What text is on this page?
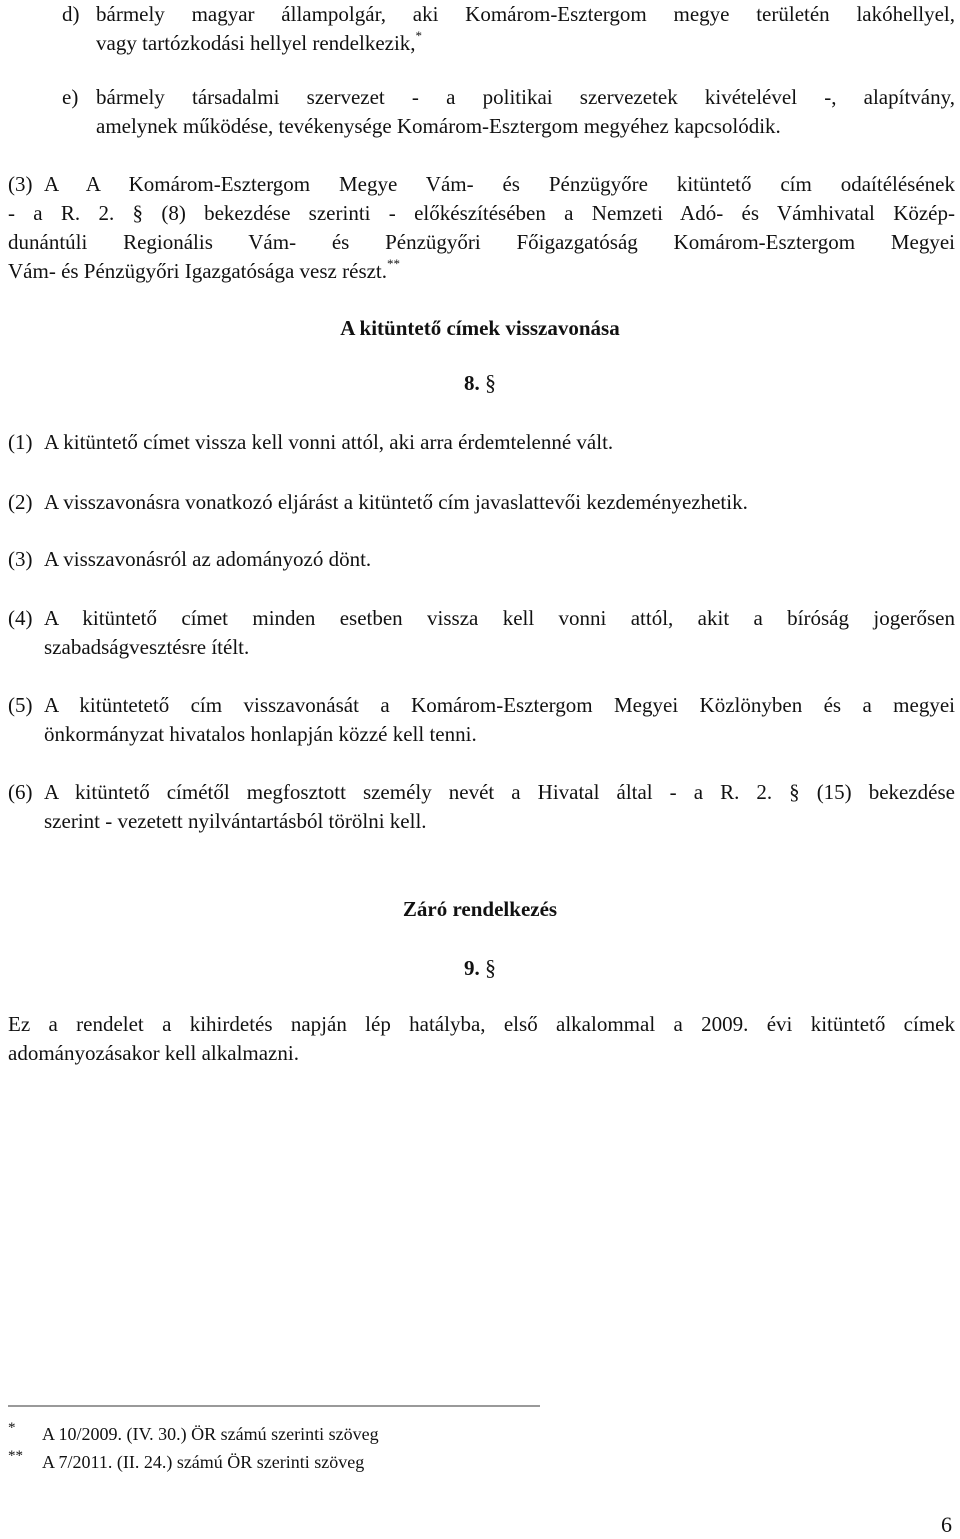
d) bármely magyar állampolgár, aki Komárom-Esztergom megye területén lakóhellyel,
vagy tartózkodási hellyel rendelkezik,*
e) bármely társadalmi szervezet - a politikai szervezetek kivételével -, alapítvány,
amelynek működése, tevékenysége Komárom-Esztergom megyéhez kapcsolódik.
(3) A A Komárom-Esztergom Megye Vám- és Pénzügyőre kitüntető cím odaítélésének
- a R. 2. § (8) bekezdése szerinti - előkészítésében a Nemzeti Adó- és Vámhivatal Közép-
dunántúli Regionális Vám- és Pénzügyőri Főigazgatóság Komárom-Esztergom Megyei
Vám- és Pénzügyőri Igazgatósága vesz részt.**
A kitüntető címek visszavonása
8. §
(1) A kitüntető címet vissza kell vonni attól, aki arra érdemtelenné vált.
(2) A visszavonásra vonatkozó eljárást a kitüntető cím javaslattevői kezdeményezhetik.
(3) A visszavonásról az adományozó dönt.
(4) A kitüntető címet minden esetben vissza kell vonni attól, akit a bíróság jogerősen
szabadságvesztésre ítélt.
(5) A kitüntetető cím visszavonását a Komárom-Esztergom Megyei Közlönyben és a megyei
önkormányzat hivatalos honlapján közzé kell tenni.
(6) A kitüntető címétől megfosztott személy nevét a Hivatal által - a R. 2. § (15) bekezdése
szerint - vezetett nyilvántartásból törölni kell.
Záró rendelkezés
9. §
Ez a rendelet a kihirdetés napján lép hatályba, első alkalommal a 2009. évi kitüntető címek
adományozásakor kell alkalmazni.
* A 10/2009. (IV. 30.) ÖR számú szerinti szöveg
** A 7/2011. (II. 24.) számú ÖR szerinti szöveg
6
